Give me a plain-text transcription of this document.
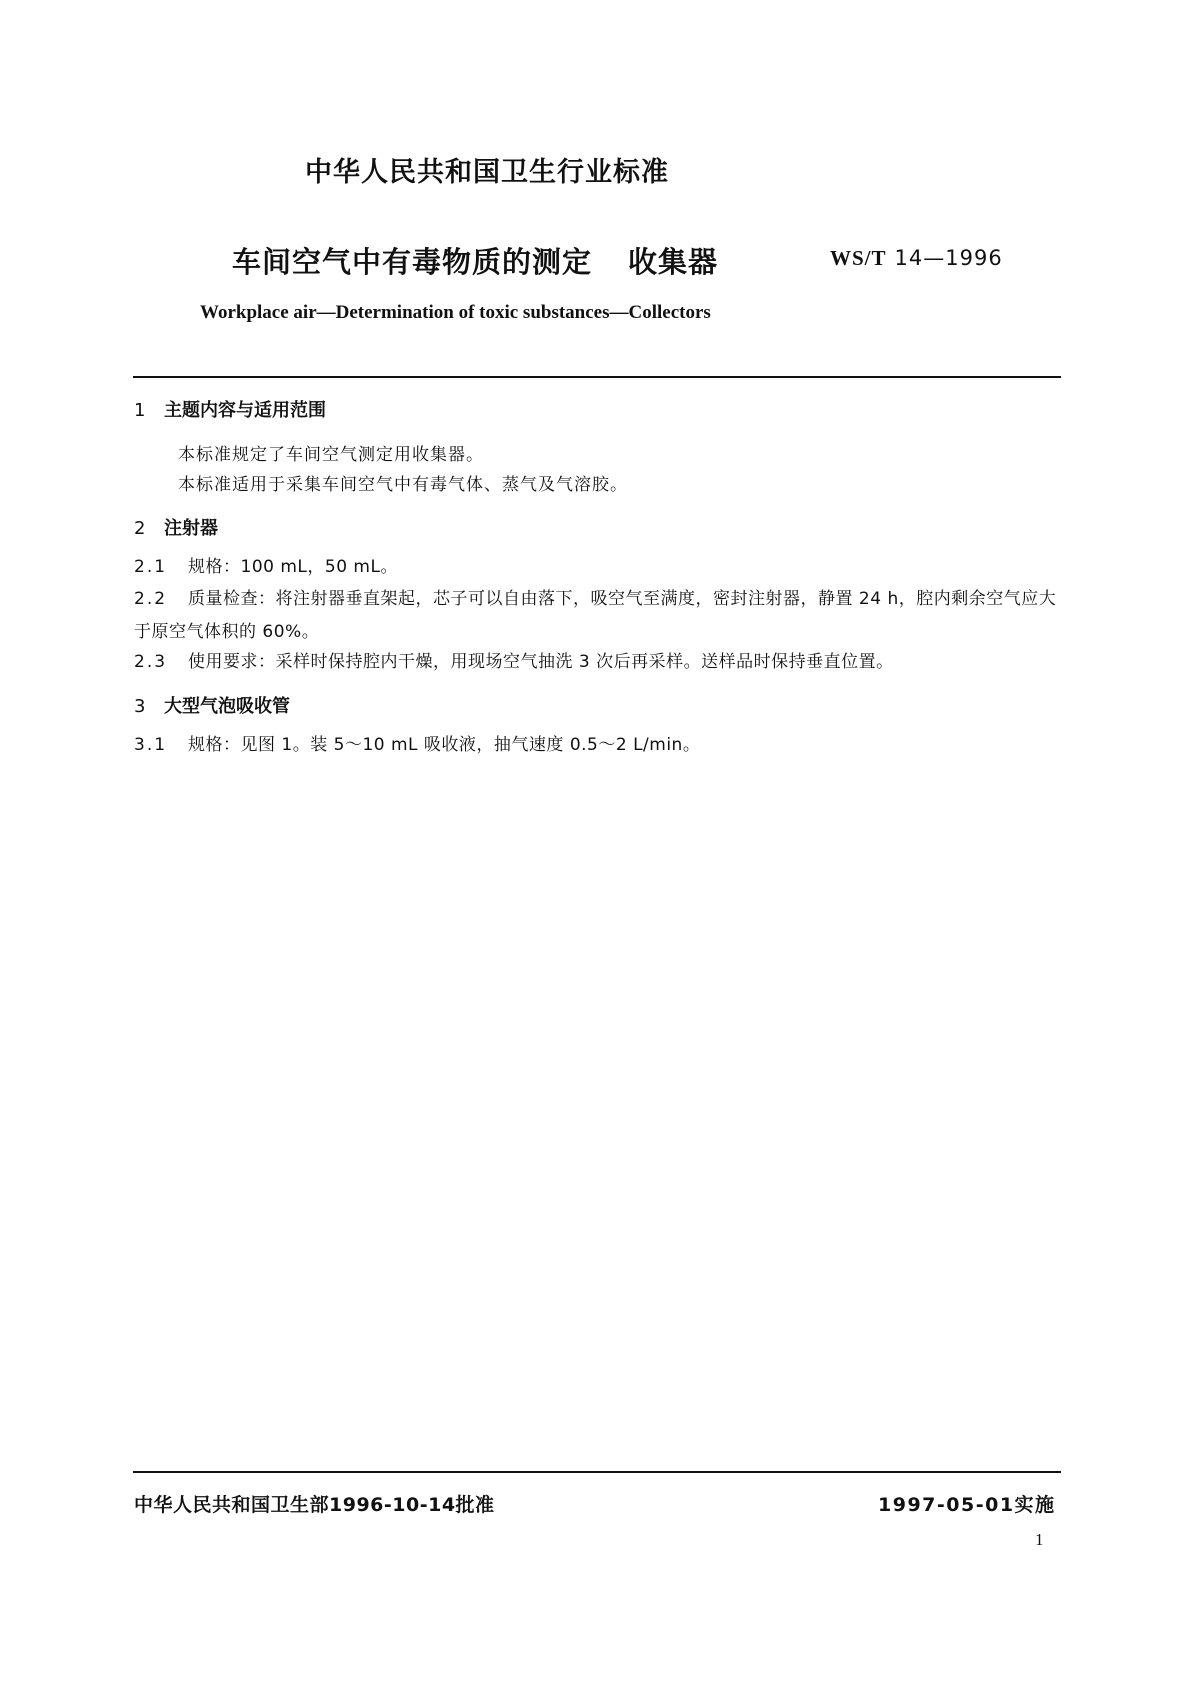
中华人民共和国卫生行业标准
车间空气中有毒物质的测定 收集器	WS/T 14—1996
Workplace air—Determination of toxic substances—Collectors
1 主题内容与适用范围
本标准规定了车间空气测定用收集器。
本标准适用于采集车间空气中有毒气体、蒸气及气溶胶。
2 注射器
2.1 规格：100 mL，50 mL。
2.2 质量检查：将注射器垂直架起，芯子可以自由落下，吸空气至满度，密封注射器，静置 24 h，腔内剩余空气应大于原空气体积的 60%。
2.3 使用要求：采样时保持腔内干燥，用现场空气抽洗 3 次后再采样。送样品时保持垂直位置。
3 大型气泡吸收管
3.1 规格：见图 1。装 5～10 mL 吸收液，抽气速度 0.5～2 L/min。
中华人民共和国卫生部1996-10-14批准	1997-05-01实施
1
